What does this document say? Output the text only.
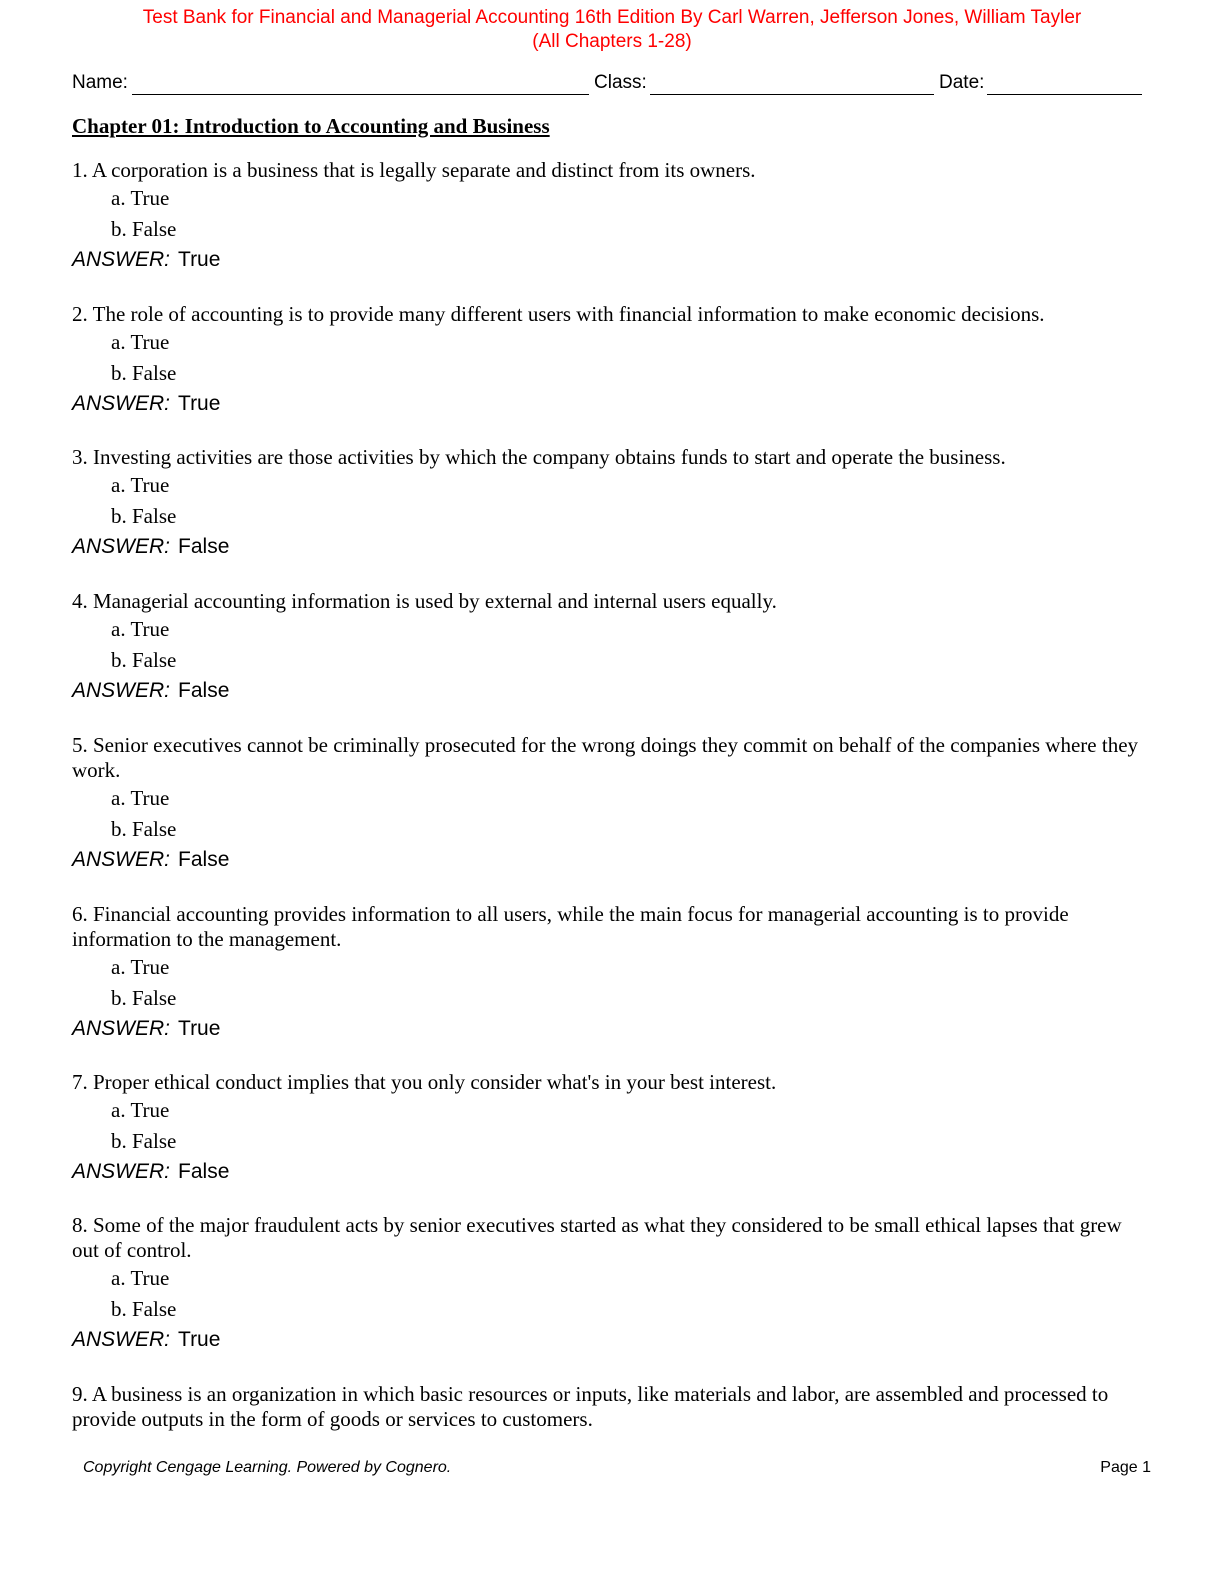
Test Bank for Financial and Managerial Accounting 16th Edition By Carl Warren, Jefferson Jones, William Tayler
(All Chapters 1-28)
Name:	Class:	Date:
Chapter 01: Introduction to Accounting and Business
1. A corporation is a business that is legally separate and distinct from its owners.
a. True
b. False
ANSWER: True
2. The role of accounting is to provide many different users with financial information to make economic decisions.
a. True
b. False
ANSWER: True
3. Investing activities are those activities by which the company obtains funds to start and operate the business.
a. True
b. False
ANSWER: False
4. Managerial accounting information is used by external and internal users equally.
a. True
b. False
ANSWER: False
5. Senior executives cannot be criminally prosecuted for the wrong doings they commit on behalf of the companies where they work.
a. True
b. False
ANSWER: False
6. Financial accounting provides information to all users, while the main focus for managerial accounting is to provide information to the management.
a. True
b. False
ANSWER: True
7. Proper ethical conduct implies that you only consider what's in your best interest.
a. True
b. False
ANSWER: False
8. Some of the major fraudulent acts by senior executives started as what they considered to be small ethical lapses that grew out of control.
a. True
b. False
ANSWER: True
9. A business is an organization in which basic resources or inputs, like materials and labor, are assembled and processed to provide outputs in the form of goods or services to customers.
Copyright Cengage Learning. Powered by Cognero.	Page 1
